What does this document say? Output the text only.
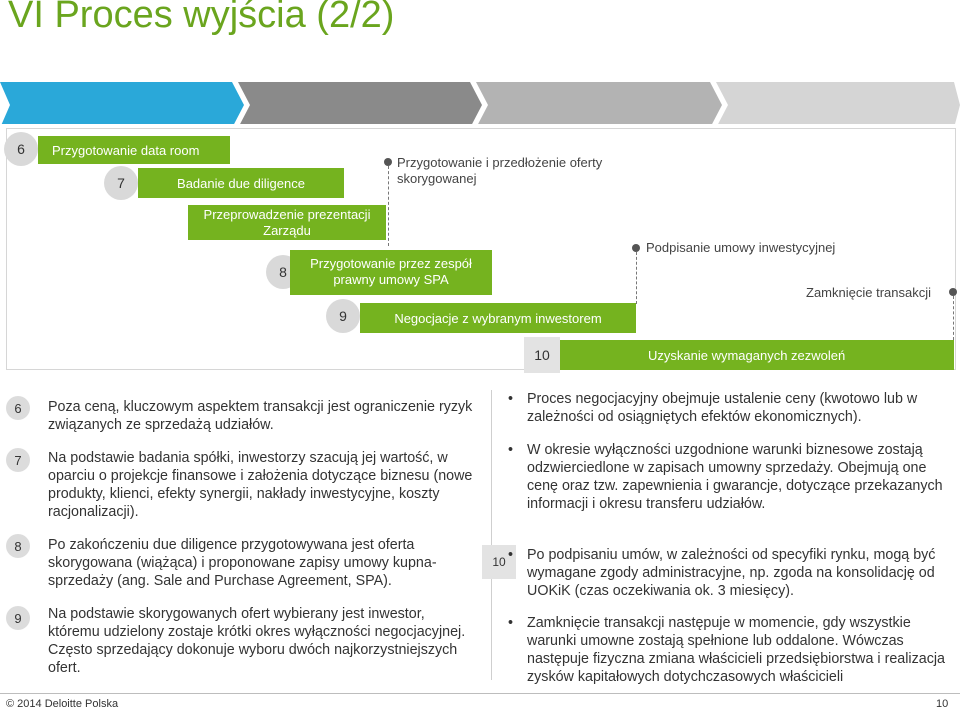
VI Proces wyjścia (2/2)
6	Przygotowanie data room
7	Badanie due diligence
Przygotowanie i przedłożenie oferty skorygowanej
Przeprowadzenie prezentacji Zarządu
8
Przygotowanie przez zespół prawny umowy SPA
Podpisanie umowy inwestycyjnej
9	Negocjacje z wybranym inwestorem
Zamknięcie transakcji
10	Uzyskanie wymaganych zezwoleń
6	Poza ceną, kluczowym aspektem transakcji jest ograniczenie ryzyk związanych ze sprzedażą udziałów.
7	Na podstawie badania spółki, inwestorzy szacują jej wartość, w oparciu o projekcje finansowe i założenia dotyczące biznesu (nowe produkty, klienci, efekty synergii, nakłady inwestycyjne, koszty racjonalizacji).
8	Po zakończeniu due diligence przygotowywana jest oferta skorygowana (wiążąca) i proponowane zapisy umowy kupna-sprzedaży (ang. Sale and Purchase Agreement, SPA).
9	Na podstawie skorygowanych ofert wybierany jest inwestor, któremu udzielony zostaje krótki okres wyłączności negocjacyjnej. Często sprzedający dokonuje wyboru dwóch najkorzystniejszych ofert.
10
• Proces negocjacyjny obejmuje ustalenie ceny (kwotowo lub w zależności od osiągniętych efektów ekonomicznych).
• W okresie wyłączności uzgodnione warunki biznesowe zostają odzwierciedlone w zapisach umowny sprzedaży. Obejmują one cenę oraz tzw. zapewnienia i gwarancje, dotyczące przekazanych informacji i okresu transferu udziałów.
• Po podpisaniu umów, w zależności od specyfiki rynku, mogą być wymagane zgody administracyjne, np. zgoda na konsolidację od UOKiK (czas oczekiwania ok. 3 miesięcy).
• Zamknięcie transakcji następuje w momencie, gdy wszystkie warunki umowne zostają spełnione lub oddalone. Wówczas następuje fizyczna zmiana właścicieli przedsiębiorstwa i realizacja zysków kapitałowych dotychczasowych właścicieli
© 2014 Deloitte Polska	10
